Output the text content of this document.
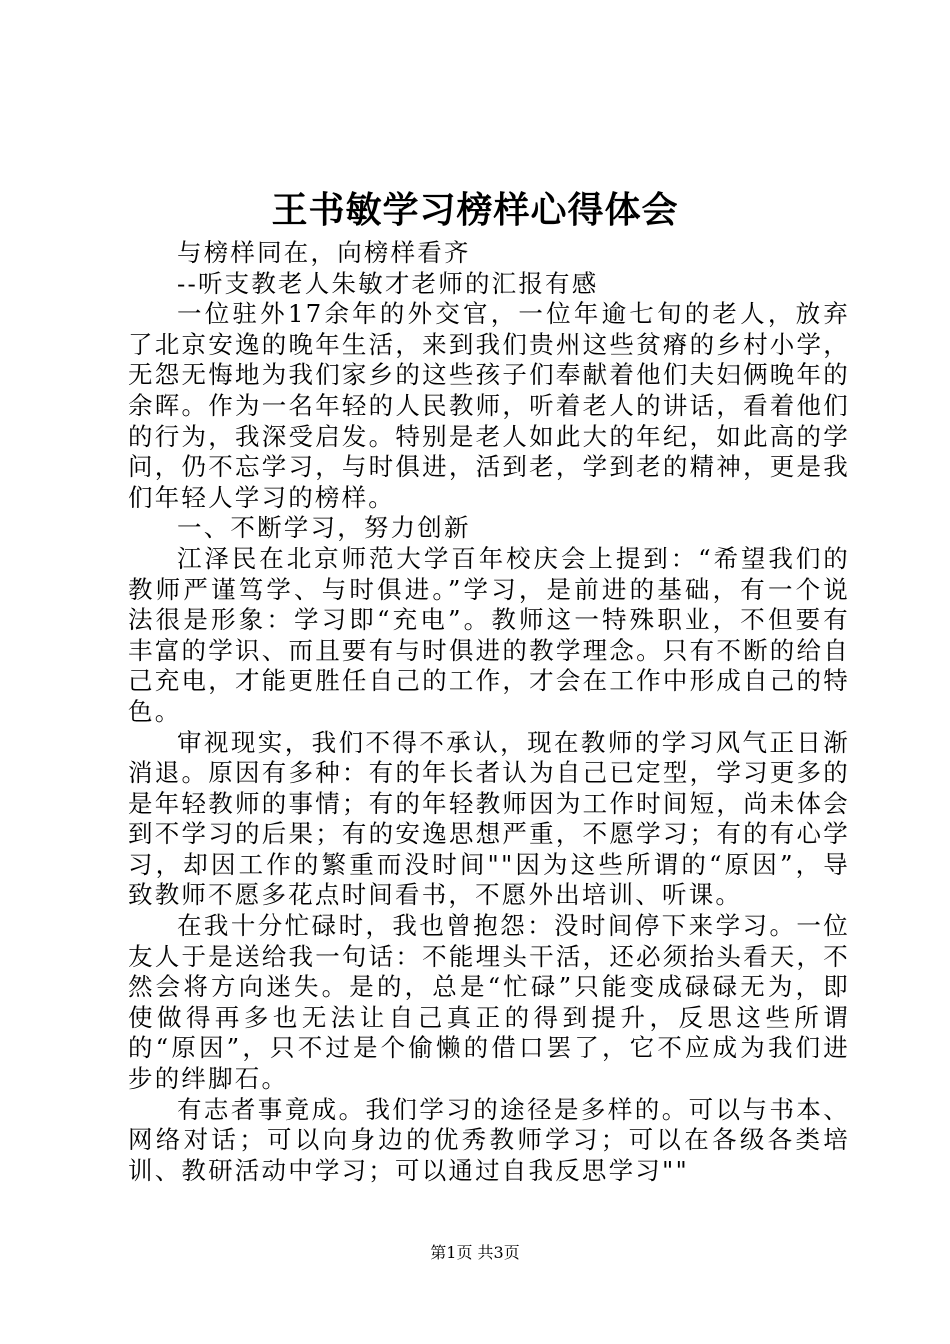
王书敏学习榜样心得体会

与榜样同在，向榜样看齐

--听支教老人朱敏才老师的汇报有感

一位驻外17余年的外交官，一位年逾七旬的老人，放弃了北京安逸的晚年生活，来到我们贵州这些贫瘠的乡村小学，无怨无悔地为我们家乡的这些孩子们奉献着他们夫妇俩晚年的余晖。作为一名年轻的人民教师，听着老人的讲话，看着他们的行为，我深受启发。特别是老人如此大的年纪，如此高的学问，仍不忘学习，与时俱进，活到老，学到老的精神，更是我们年轻人学习的榜样。

一、不断学习，努力创新

江泽民在北京师范大学百年校庆会上提到：“希望我们的教师严谨笃学、与时俱进。”学习，是前进的基础，有一个说法很是形象：学习即“充电”。教师这一特殊职业，不但要有丰富的学识、而且要有与时俱进的教学理念。只有不断的给自己充电，才能更胜任自己的工作，才会在工作中形成自己的特色。

审视现实，我们不得不承认，现在教师的学习风气正日渐消退。原因有多种：有的年长者认为自己已定型，学习更多的是年轻教师的事情；有的年轻教师因为工作时间短，尚未体会到不学习的后果；有的安逸思想严重，不愿学习；有的有心学习，却因工作的繁重而没时间""因为这些所谓的“原因”，导致教师不愿多花点时间看书，不愿外出培训、听课。

在我十分忙碌时，我也曾抱怨：没时间停下来学习。一位友人于是送给我一句话：不能埋头干活，还必须抬头看天，不然会将方向迷失。是的，总是“忙碌”只能变成碌碌无为，即使做得再多也无法让自己真正的得到提升，反思这些所谓的“原因”，只不过是个偷懒的借口罢了，它不应成为我们进步的绊脚石。

有志者事竟成。我们学习的途径是多样的。可以与书本、网络对话；可以向身边的优秀教师学习；可以在各级各类培训、教研活动中学习；可以通过自我反思学习""

第1页 共3页
